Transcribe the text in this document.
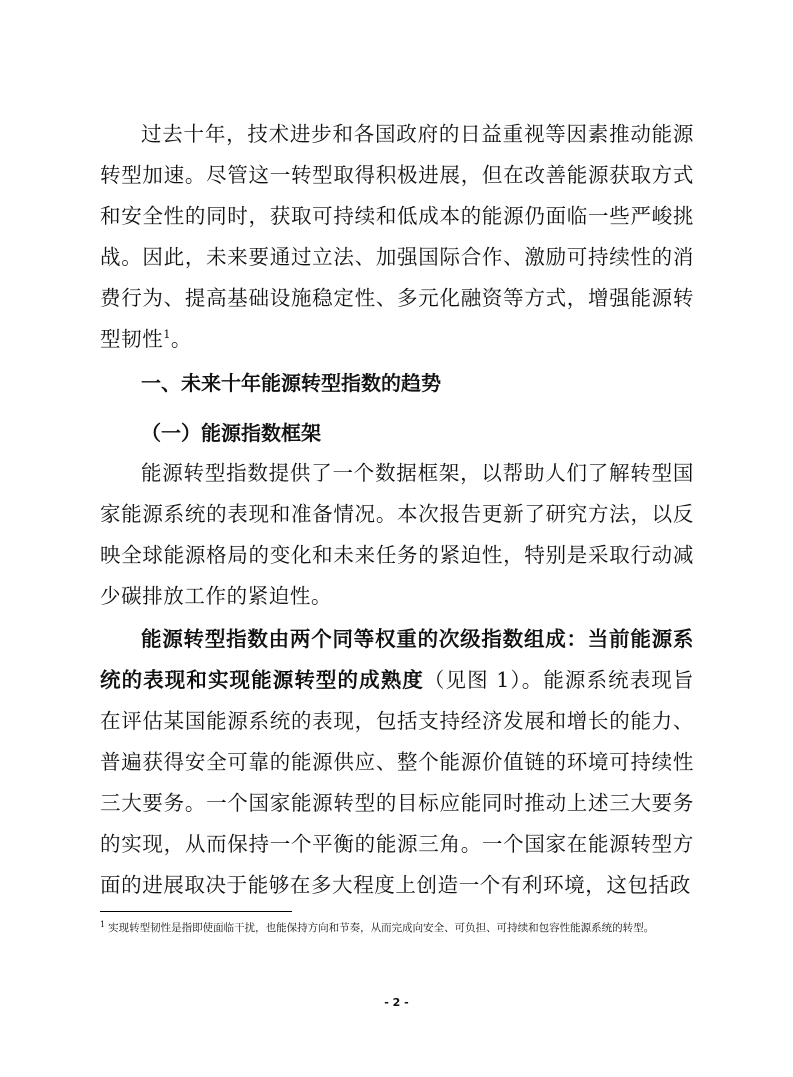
过去十年，技术进步和各国政府的日益重视等因素推动能源转型加速。尽管这一转型取得积极进展，但在改善能源获取方式和安全性的同时，获取可持续和低成本的能源仍面临一些严峻挑战。因此，未来要通过立法、加强国际合作、激励可持续性的消费行为、提高基础设施稳定性、多元化融资等方式，增强能源转型韧性$^1$。

一、未来十年能源转型指数的趋势
（一）能源指数框架

能源转型指数提供了一个数据框架，以帮助人们了解转型国家能源系统的表现和准备情况。本次报告更新了研究方法，以反映全球能源格局的变化和未来任务的紧迫性，特别是采取行动减少碳排放工作的紧迫性。

能源转型指数由两个同等权重的次级指数组成：当前能源系统的表现和实现能源转型的成熟度（见图 1）。能源系统表现旨在评估某国能源系统的表现，包括支持经济发展和增长的能力、普遍获得安全可靠的能源供应、整个能源价值链的环境可持续性三大要务。一个国家能源转型的目标应能同时推动上述三大要务的实现，从而保持一个平衡的能源三角。一个国家在能源转型方面的进展取决于能够在多大程度上创造一个有利环境，这包括政

$^1$ 实现转型韧性是指即使面临干扰，也能保持方向和节奏，从而完成向安全、可负担、可持续和包容性能源系统的转型。

- 2 -
